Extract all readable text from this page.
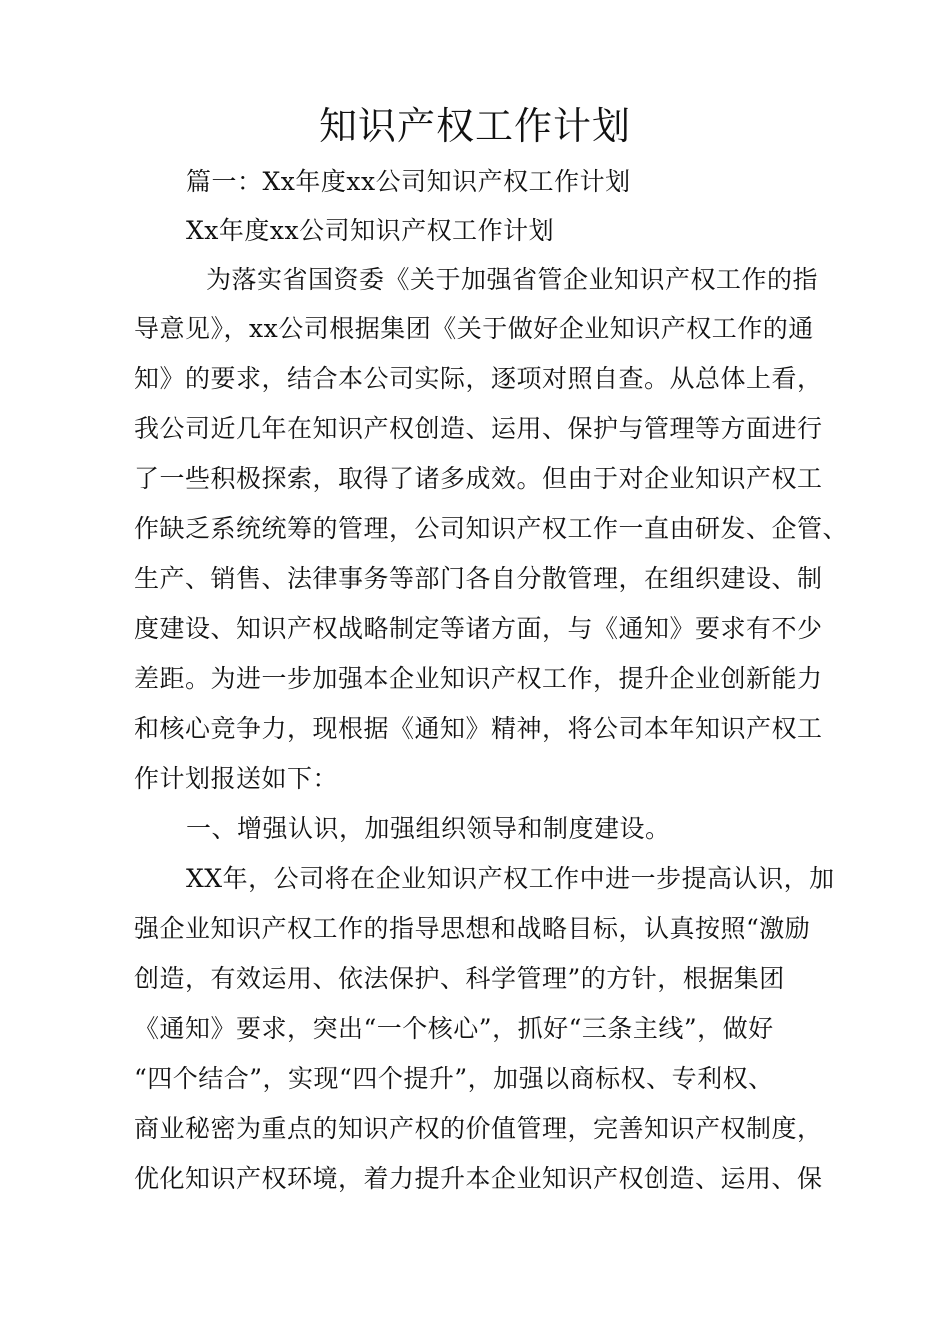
知识产权工作计划
篇一：Xx年度xx公司知识产权工作计划
Xx年度xx公司知识产权工作计划
为落实省国资委《关于加强省管企业知识产权工作的指
导意见》，xx公司根据集团《关于做好企业知识产权工作的通
知》的要求，结合本公司实际，逐项对照自查。从总体上看，
我公司近几年在知识产权创造、运用、保护与管理等方面进行
了一些积极探索，取得了诸多成效。但由于对企业知识产权工
作缺乏系统统筹的管理，公司知识产权工作一直由研发、企管、
生产、销售、法律事务等部门各自分散管理，在组织建设、制
度建设、知识产权战略制定等诸方面，与《通知》要求有不少
差距。为进一步加强本企业知识产权工作，提升企业创新能力
和核心竞争力，现根据《通知》精神，将公司本年知识产权工
作计划报送如下：
一、增强认识，加强组织领导和制度建设。
XX年，公司将在企业知识产权工作中进一步提高认识，加
强企业知识产权工作的指导思想和战略目标，认真按照“激励
创造，有效运用、依法保护、科学管理”的方针，根据集团
《通知》要求，突出“一个核心”，抓好“三条主线”，做好
“四个结合”，实现“四个提升”，加强以商标权、专利权、
商业秘密为重点的知识产权的价值管理，完善知识产权制度，
优化知识产权环境，着力提升本企业知识产权创造、运用、保
